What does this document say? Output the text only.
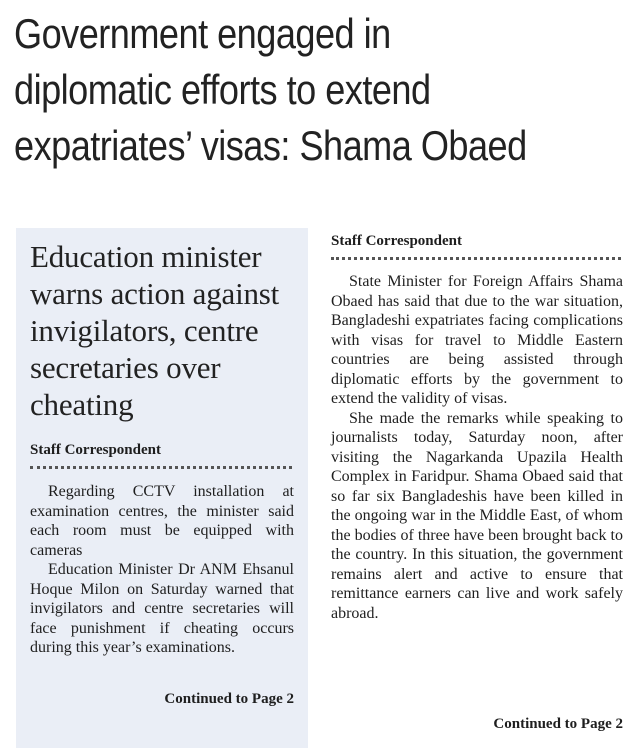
Government engaged in
diplomatic efforts to extend
expatriates’ visas: Shama Obaed
Education minister warns action against invigilators, centre secretaries over cheating
Staff Correspondent

Regarding CCTV installation at examination centres, the minister said each room must be equipped with cameras

Education Minister Dr ANM Ehsanul Hoque Milon on Saturday warned that invigilators and centre secretaries will face punishment if cheating occurs during this year’s examinations.

Continued to Page 2
Staff Correspondent

State Minister for Foreign Affairs Shama Obaed has said that due to the war situation, Bangladeshi expatriates facing complications with visas for travel to Middle Eastern countries are being assisted through diplomatic efforts by the government to extend the validity of visas.

She made the remarks while speaking to journalists today, Saturday noon, after visiting the Nagarkanda Upazila Health Complex in Faridpur. Shama Obaed said that so far six Bangladeshis have been killed in the ongoing war in the Middle East, of whom the bodies of three have been brought back to the country. In this situation, the government remains alert and active to ensure that remittance earners can live and work safely abroad.

Continued to Page 2
